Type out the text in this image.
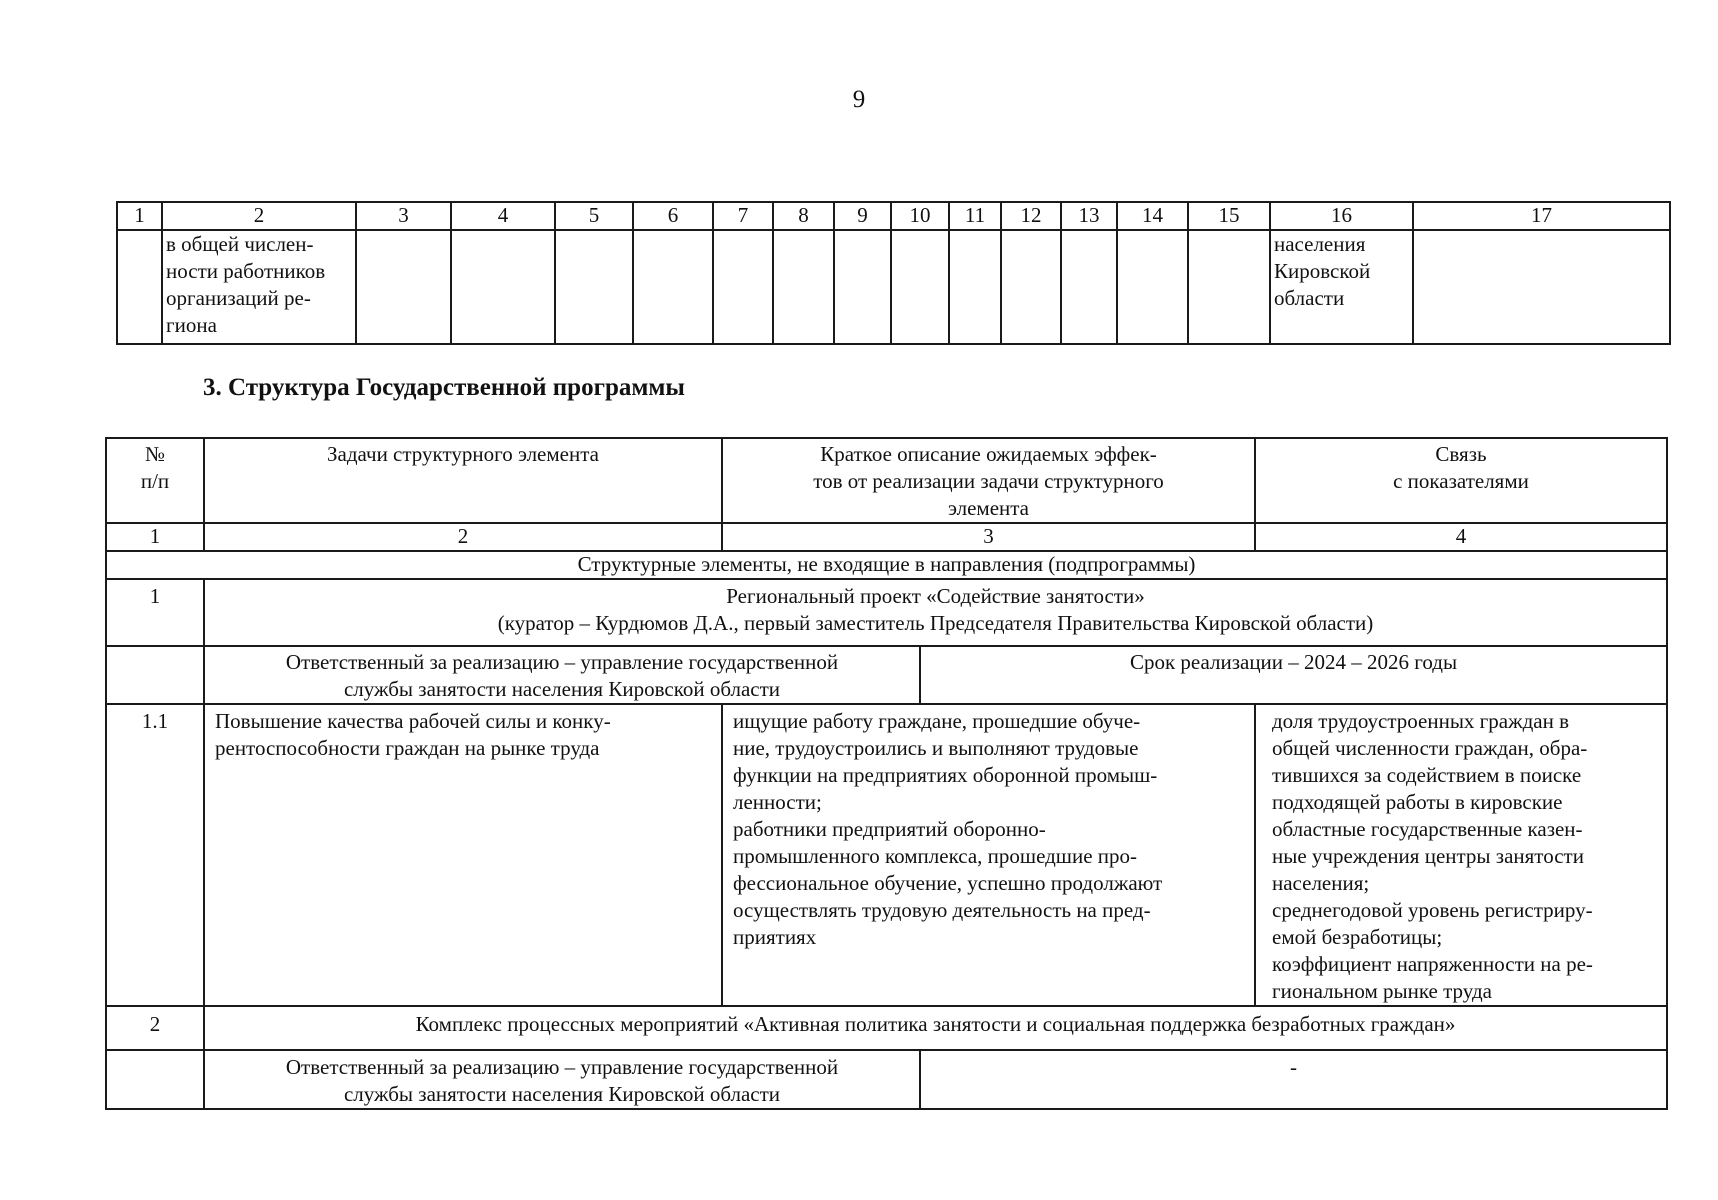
9
1	2	3	4	5	6	7	8	9	10	11	12	13	14	15	16	17
	в общей числен-
ности работников
организаций ре-
гиона														населения
Кировской
области	
3. Структура Государственной программы
№
п/п	Задачи структурного элемента	Краткое описание ожидаемых эффек-
тов от реализации задачи структурного
элемента	Связь
с показателями
1	2	3	4
Структурные элементы, не входящие в направления (подпрограммы)
1	Региональный проект «Содействие занятости»
(куратор – Курдюмов Д.А., первый заместитель Председателя Правительства Кировской области)

Ответственный за реализацию – управление государственной
службы занятости населения Кировской области	Срок реализации – 2024 – 2026 годы

1.1	Повышение качества рабочей силы и конку-
рентоспособности граждан на рынке труда	ищущие работу граждане, прошедшие обуче-
ние, трудоустроились и выполняют трудовые
функции на предприятиях оборонной промыш-
ленности;
работники предприятий оборонно-
промышленного комплекса, прошедшие про-
фессиональное обучение, успешно продолжают
осуществлять трудовую деятельность на пред-
приятиях	доля трудоустроенных граждан в
общей численности граждан, обра-
тившихся за содействием в поиске
подходящей работы в кировские
областные государственные казен-
ные учреждения центры занятости
населения;
среднегодовой уровень регистриру-
емой безработицы;
коэффициент напряженности на ре-
гиональном рынке труда
2	Комплекс процессных мероприятий «Активная политика занятости и социальная поддержка безработных граждан»

Ответственный за реализацию – управление государственной
службы занятости населения Кировской области	-
